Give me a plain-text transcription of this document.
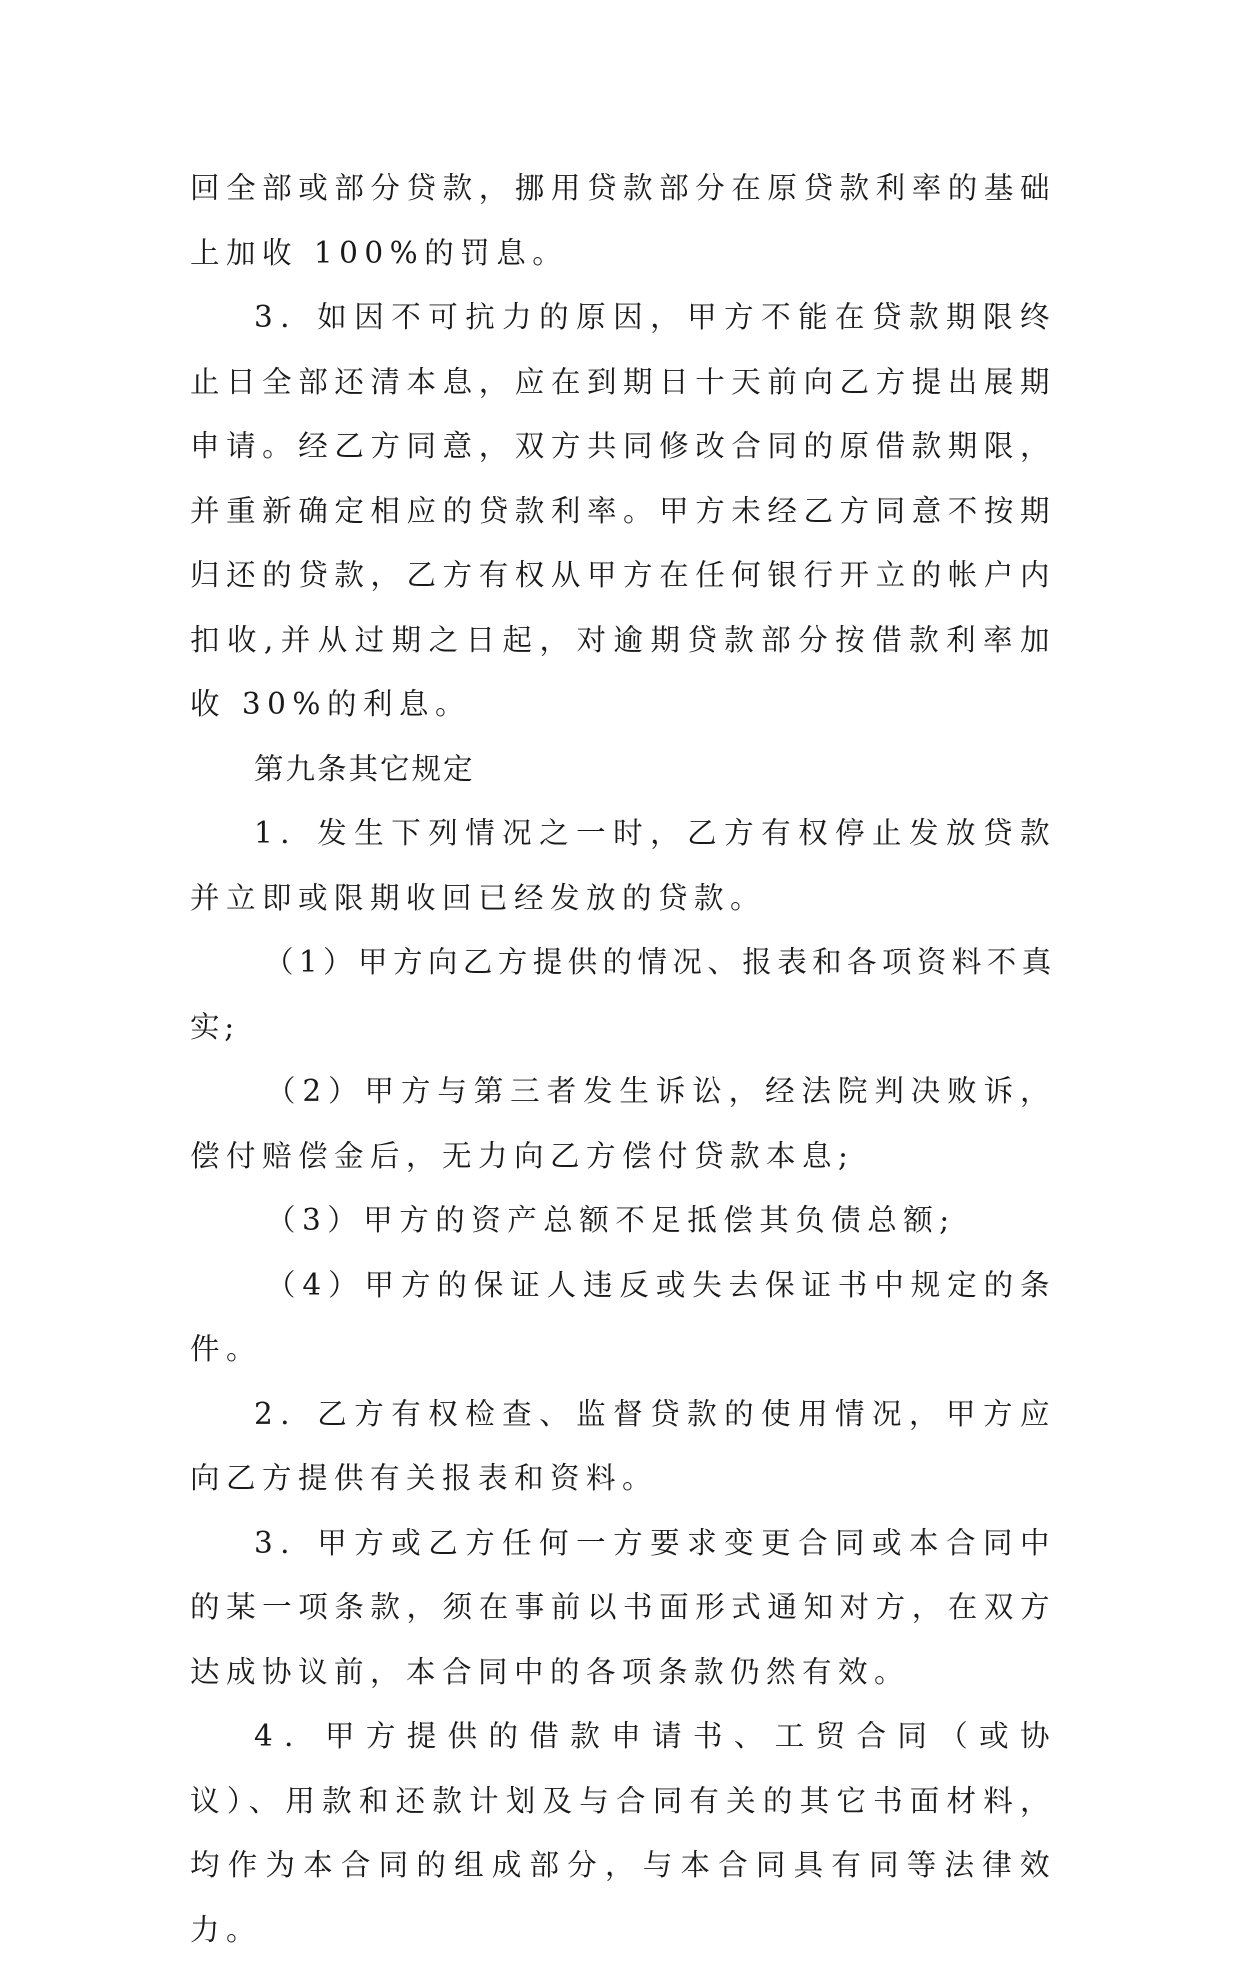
回全部或部分贷款，挪用贷款部分在原贷款利率的基础上加收 100%的罚息。

3．如因不可抗力的原因，甲方不能在贷款期限终止日全部还清本息，应在到期日十天前向乙方提出展期申请。经乙方同意，双方共同修改合同的原借款期限，并重新确定相应的贷款利率。甲方未经乙方同意不按期归还的贷款，乙方有权从甲方在任何银行开立的帐户内扣收,并从过期之日起，对逾期贷款部分按借款利率加收 30%的利息。

第九条其它规定

1．发生下列情况之一时，乙方有权停止发放贷款并立即或限期收回已经发放的贷款。

（1）甲方向乙方提供的情况、报表和各项资料不真实;

（2）甲方与第三者发生诉讼，经法院判决败诉，偿付赔偿金后，无力向乙方偿付贷款本息;

（3）甲方的资产总额不足抵偿其负债总额;

（4）甲方的保证人违反或失去保证书中规定的条件。

2．乙方有权检查、监督贷款的使用情况，甲方应向乙方提供有关报表和资料。

3．甲方或乙方任何一方要求变更合同或本合同中的某一项条款，须在事前以书面形式通知对方，在双方达成协议前，本合同中的各项条款仍然有效。

4．甲方提供的借款申请书、工贸合同（或协议）、用款和还款计划及与合同有关的其它书面材料，均作为本合同的组成部分，与本合同具有同等法律效力。
